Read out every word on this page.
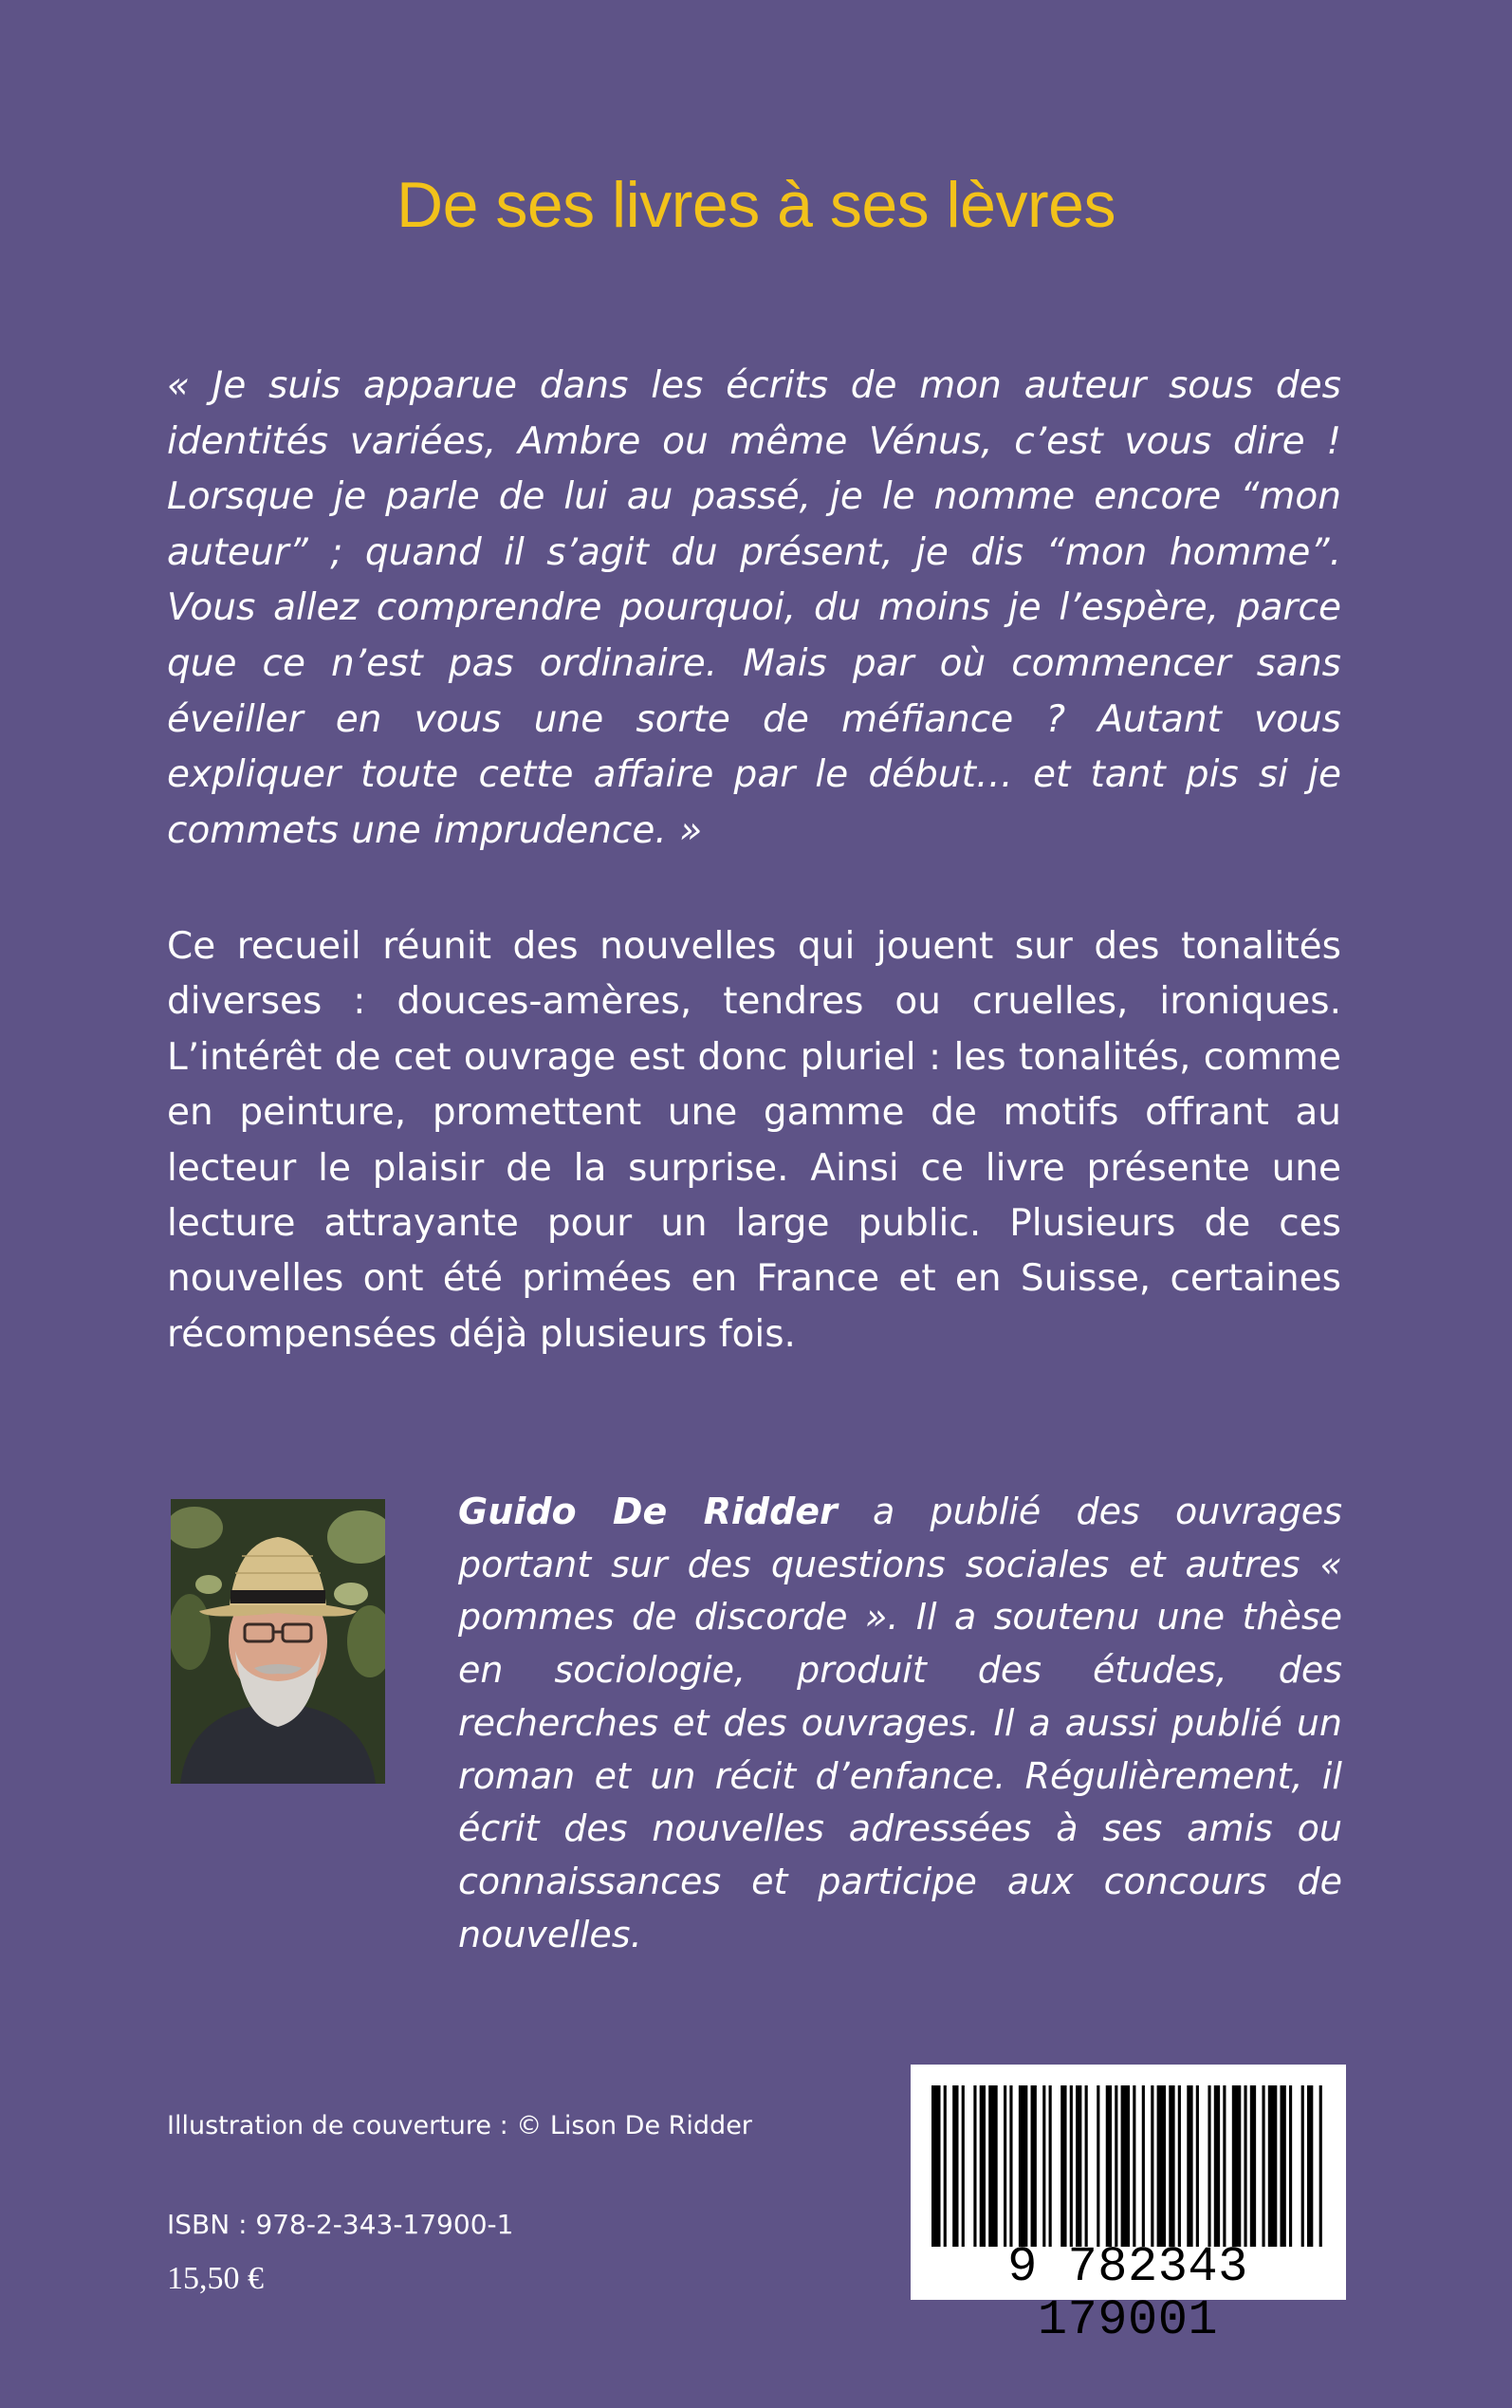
De ses livres à ses lèvres

« Je suis apparue dans les écrits de mon auteur sous des identités variées, Ambre ou même Vénus, c’est vous dire ! Lorsque je parle de lui au passé, je le nomme encore “mon auteur” ; quand il s’agit du présent, je dis “mon homme”. Vous allez comprendre pourquoi, du moins je l’espère, parce que ce n’est pas ordinaire. Mais par où commencer sans éveiller en vous une sorte de méfiance ? Autant vous expliquer toute cette affaire par le début… et tant pis si je commets une imprudence. »

Ce recueil réunit des nouvelles qui jouent sur des tonalités diverses : douces-amères, tendres ou cruelles, ironiques. L’intérêt de cet ouvrage est donc pluriel : les tonalités, comme en peinture, promettent une gamme de motifs offrant au lecteur le plaisir de la surprise. Ainsi ce livre présente une lecture attrayante pour un large public. Plusieurs de ces nouvelles ont été primées en France et en Suisse, certaines récompensées déjà plusieurs fois.

Guido De Ridder a publié des ouvrages portant sur des questions sociales et autres « pommes de discorde ». Il a soutenu une thèse en sociologie, produit des études, des recherches et des ouvrages. Il a aussi publié un roman et un récit d’enfance. Régulièrement, il écrit des nouvelles adressées à ses amis ou connaissances et participe aux concours de nouvelles.

Illustration de couverture : © Lison De Ridder

ISBN : 978-2-343-17900-1

15,50 €	9 782343 179001
